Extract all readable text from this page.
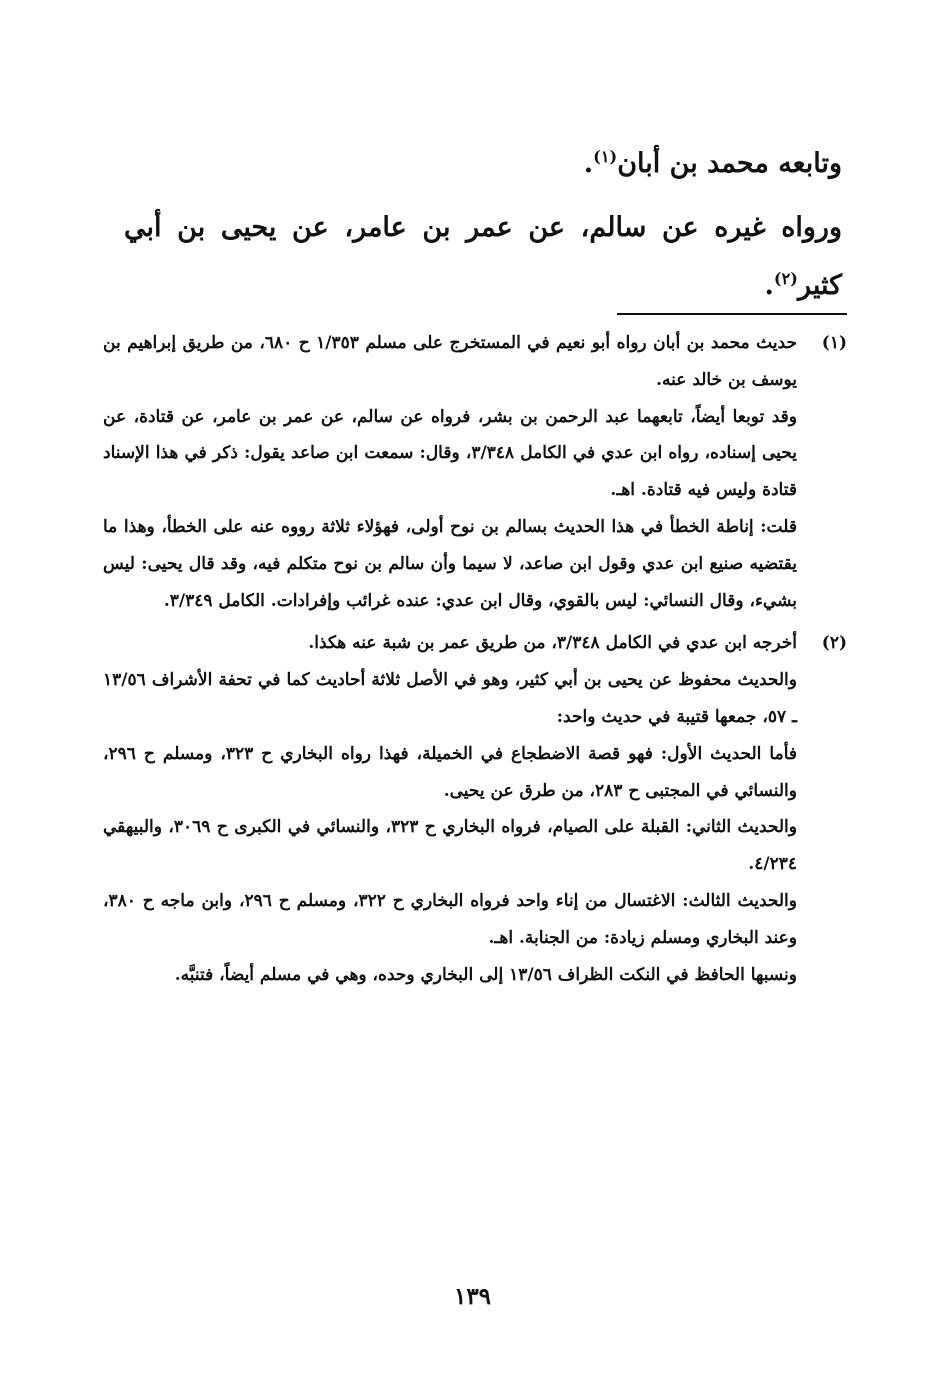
وتابعه محمد بن أبان$^{(١)}$.

ورواه غيره عن سالم، عن عمر بن عامر، عن يحيى بن أبي كثير$^{(٢)}$.

(١)

حديث محمد بن أبان رواه أبو نعيم في المستخرج على مسلم ١/٣٥٣ ح ٦٨٠، من طريق إبراهيم بن يوسف بن خالد عنه.

وقد توبعا أيضاً، تابعهما عبد الرحمن بن بشر، فرواه عن سالم، عن عمر بن عامر، عن قتادة، عن يحيى إسناده، رواه ابن عدي في الكامل ٣/٣٤٨، وقال: سمعت ابن صاعد يقول: ذكر في هذا الإسناد قتادة وليس فيه قتادة. اهـ.

قلت: إناطة الخطأ في هذا الحديث بسالم بن نوح أولى، فهؤلاء ثلاثة رووه عنه على الخطأ، وهذا ما يقتضيه صنيع ابن عدي وقول ابن صاعد، لا سيما وأن سالم بن نوح متكلم فيه، وقد قال يحيى: ليس بشيء، وقال النسائي: ليس بالقوي، وقال ابن عدي: عنده غرائب وإفرادات. الكامل ٣/٣٤٩.

(٢)

أخرجه ابن عدي في الكامل ٣/٣٤٨، من طريق عمر بن شبة عنه هكذا.

والحديث محفوظ عن يحيى بن أبي كثير، وهو في الأصل ثلاثة أحاديث كما في تحفة الأشراف ١٣/٥٦ ـ ٥٧، جمعها قتيبة في حديث واحد:

فأما الحديث الأول: فهو قصة الاضطجاع في الخميلة، فهذا رواه البخاري ح ٣٢٣، ومسلم ح ٢٩٦، والنسائي في المجتبى ح ٢٨٣، من طرق عن يحيى.

والحديث الثاني: القبلة على الصيام، فرواه البخاري ح ٣٢٣، والنسائي في الكبرى ح ٣٠٦٩، والبيهقي ٤/٢٣٤.

والحديث الثالث: الاغتسال من إناء واحد فرواه البخاري ح ٣٢٢، ومسلم ح ٢٩٦، وابن ماجه ح ٣٨٠، وعند البخاري ومسلم زيادة: من الجنابة. اهـ.

ونسبها الحافظ في النكت الظراف ١٣/٥٦ إلى البخاري وحده، وهي في مسلم أيضاً، فتنبَّه.

١٣٩
